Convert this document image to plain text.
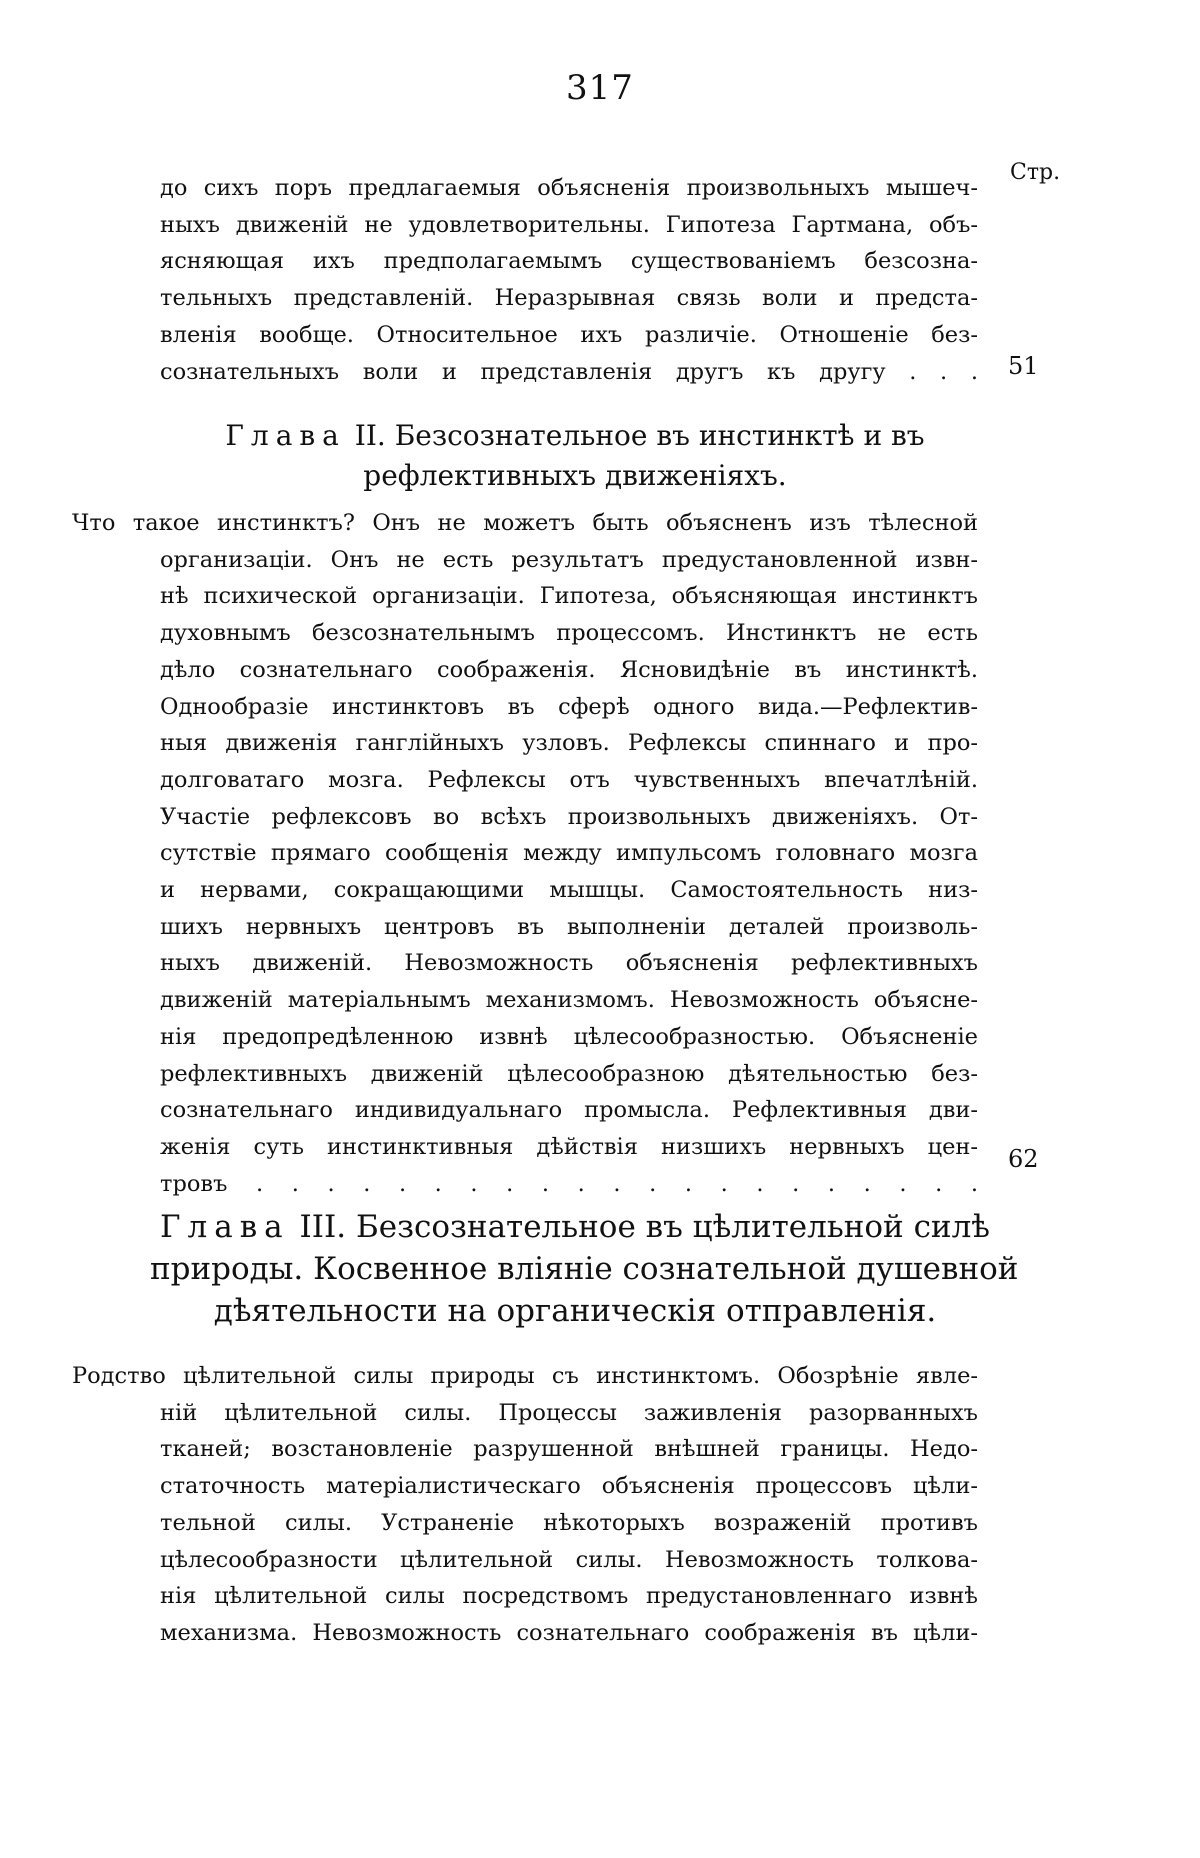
317
Стр.
до сихъ поръ предлагаемыя объясненія произвольныхъ мышеч-
ныхъ движеній не удовлетворительны. Гипотеза Гартмана, объ-
ясняющая ихъ предполагаемымъ существованіемъ безсозна-
тельныхъ представленій. Неразрывная связь воли и предста-
вленія вообще. Относительное ихъ различіе. Отношеніе без-
сознательныхъ воли и представленія другъ къ другу . . . 51
Глава II. Безсознательное въ инстинктѣ и въ
рефлективныхъ движеніяхъ.
Что такое инстинктъ? Онъ не можетъ быть объясненъ изъ тѣлесной
организаціи. Онъ не есть результатъ предустановленной извн-
нѣ психической организаціи. Гипотеза, объясняющая инстинктъ
духовнымъ безсознательнымъ процессомъ. Инстинктъ не есть
дѣло сознательнаго соображенія. Ясновидѣніе въ инстинктѣ.
Однообразіе инстинктовъ въ сферѣ одного вида.—Рефлектив-
ныя движенія ганглійныхъ узловъ. Рефлексы спиннаго и про-
долговатаго мозга. Рефлексы отъ чувственныхъ впечатлѣній.
Участіе рефлексовъ во всѣхъ произвольныхъ движеніяхъ. От-
сутствіе прямаго сообщенія между импульсомъ головнаго мозга
и нервами, сокращающими мышцы. Самостоятельность низ-
шихъ нервныхъ центровъ въ выполненіи деталей произволь-
ныхъ движеній. Невозможность объясненія рефлективныхъ
движеній матеріальнымъ механизмомъ. Невозможность объясне-
нія предопредѣленною извнѣ цѣлесообразностью. Объясненіе
рефлективныхъ движеній цѣлесообразною дѣятельностью без-
сознательнаго индивидуальнаго промысла. Рефлективныя дви-
женія суть инстинктивныя дѣйствія низшихъ нервныхъ цен-
тровъ . . . . . . . . . . . . . . . . . . . . .
62
Глава III. Безсознательное въ цѣлительной силѣ
природы. Косвенное вліяніе сознательной душевной
дѣятельности на органическія отправленія.
Родство цѣлительной силы природы съ инстинктомъ. Обозрѣніе явле-
ній цѣлительной силы. Процессы заживленія разорванныхъ
тканей; возстановленіе разрушенной внѣшней границы. Недо-
статочность матеріалистическаго объясненія процессовъ цѣли-
тельной силы. Устраненіе нѣкоторыхъ возраженій противъ
цѣлесообразности цѣлительной силы. Невозможность толкова-
нія цѣлительной силы посредствомъ предустановленнаго извнѣ
механизма. Невозможность сознательнаго соображенія въ цѣли-
